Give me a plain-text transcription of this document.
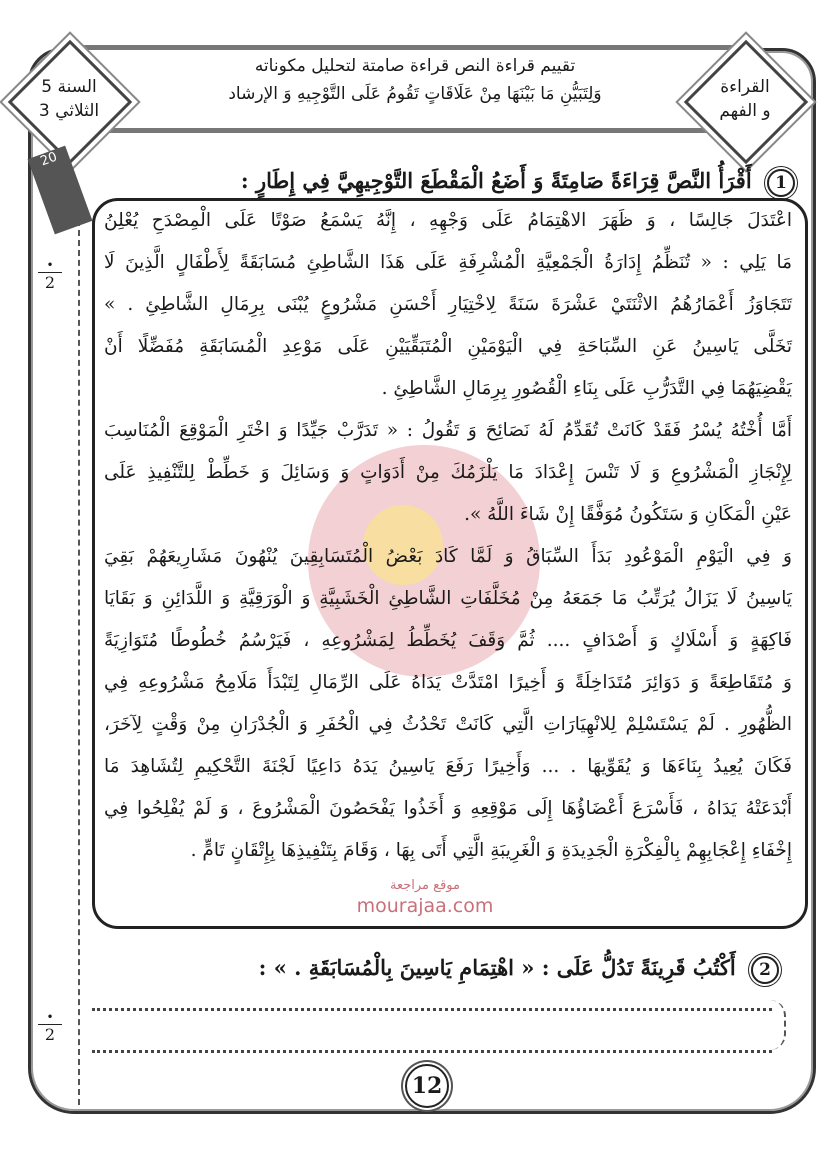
تقييم قراءة النص قراءة صامتة لتحليل مكوناته
وَلِتَبَيُّنِ مَا بَيْنَهَا مِنْ عَلَاقَاتٍ تَقُومُ عَلَى التَّوْجِيهِ وَ الإرشاد
السنة 5
الثلاثي 3
القراءة
و الفهم
20
1 أَقْرَأُ النَّصَّ قِرَاءَةً صَامِتَةً وَ أَضَعُ الْمَقْطَعَ التَّوْجِيهِيَّ فِي إِطَارٍ :
•
2
موقع مراجعة
mourajaa.com
اعْتَدَلَ جَالِسًا ، وَ ظَهَرَ الاهْتِمَامُ عَلَى وَجْهِهِ ، إِنَّهُ يَسْمَعُ صَوْتًا عَلَى الْمِصْدَحِ يُعْلِنُ
مَا يَلِي : « تُنَظِّمُ إِدَارَةُ الْجَمْعِيَّةِ الْمُشْرِفَةِ عَلَى هَذَا الشَّاطِئِ مُسَابَقَةً لِأَطْفَالٍ الَّذِينَ لَا
تَتَجَاوَزُ أَعْمَارُهُمُ الاثْنَتَيْ عَشْرَةَ سَنَةً لِاخْتِيَارِ أَحْسَنِ مَشْرُوعٍ يُبْنَى بِرِمَالِ الشَّاطِئِ . »
تَخَلَّى يَاسِينُ عَنِ السِّبَاحَةِ فِي الْيَوْمَيْنِ الْمُتَبَقِّيَيْنِ عَلَى مَوْعِدِ الْمُسَابَقَةِ مُفَضِّلًا أَنْ
يَقْضِيَهُمَا فِي التَّدَرُّبِ عَلَى بِنَاءِ الْقُصُورِ بِرِمَالِ الشَّاطِئِ .
أَمَّا أُخْتُهُ يُسْرُ فَقَدْ كَانَتْ تُقَدِّمُ لَهُ نَصَائِحَ وَ تَقُولُ : « تَدَرَّبْ جَيِّدًا وَ اخْتَرِ الْمَوْقِعَ الْمُنَاسِبَ
لِإِنْجَازِ الْمَشْرُوعِ وَ لَا تَنْسَ إِعْدَادَ مَا يَلْزَمُكَ مِنْ أَدَوَاتٍ وَ وَسَائِلَ وَ خَطِّطْ لِلتَّنْفِيذِ عَلَى
عَيْنِ الْمَكَانِ وَ سَتَكُونُ مُوَفَّقًا إِنْ شَاءَ اللَّهُ ».
وَ فِي الْيَوْمِ الْمَوْعُودِ بَدَأَ السِّبَاقُ وَ لَمَّا كَادَ بَعْضُ الْمُتَسَابِقِينَ يُنْهُونَ مَشَارِيعَهُمْ بَقِيَ
يَاسِينُ لَا يَزَالُ يُرَتِّبُ مَا جَمَعَهُ مِنْ مُخَلَّفَاتِ الشَّاطِئِ الْخَشَبِيَّةِ وَ الْوَرَقِيَّةِ وَ اللَّدَائِنِ وَ بَقَايَا
فَاكِهَةٍ وَ أَسْلَاكٍ وَ أَصْدَافٍ .... ثُمَّ وَقَفَ يُخَطِّطُ لِمَشْرُوعِهِ ، فَيَرْسُمُ خُطُوطًا مُتَوَازِيَةً
وَ مُتَقَاطِعَةً وَ دَوَائِرَ مُتَدَاخِلَةً وَ أَخِيرًا امْتَدَّتْ يَدَاهُ عَلَى الرِّمَالِ لِتَبْدَأَ مَلَامِحُ مَشْرُوعِهِ فِي
الظُّهُورِ . لَمْ يَسْتَسْلِمْ لِلانْهِيَارَاتِ الَّتِي كَانَتْ تَحْدُثُ فِي الْحُفَرِ وَ الْجُدْرَانِ مِنْ وَقْتٍ لِآخَرَ،
فَكَانَ يُعِيدُ بِنَاءَهَا وَ يُقَوِّيهَا . ... وَأَخِيرًا رَفَعَ يَاسِينُ يَدَهُ دَاعِيًا لَجْنَةَ التَّحْكِيمِ لِتُشَاهِدَ مَا
أَبْدَعَتْهُ يَدَاهُ ، فَأَسْرَعَ أَعْضَاؤُهَا إِلَى مَوْقِعِهِ وَ أَخَذُوا يَفْحَصُونَ الْمَشْرُوعَ ، وَ لَمْ يُفْلِحُوا فِي
إِخْفَاءِ إِعْجَابِهِمْ بِالْفِكْرَةِ الْجَدِيدَةِ وَ الْغَرِيبَةِ الَّتِي أَتَى بِهَا ، وَقَامَ بِتَنْفِيذِهَا بِإِتْقَانٍ تَامٍّ .
2 أَكْتُبُ قَرِينَةً تَدُلُّ عَلَى : « اهْتِمَامِ يَاسِينَ بِالْمُسَابَقَةِ . » :
•
2
12
